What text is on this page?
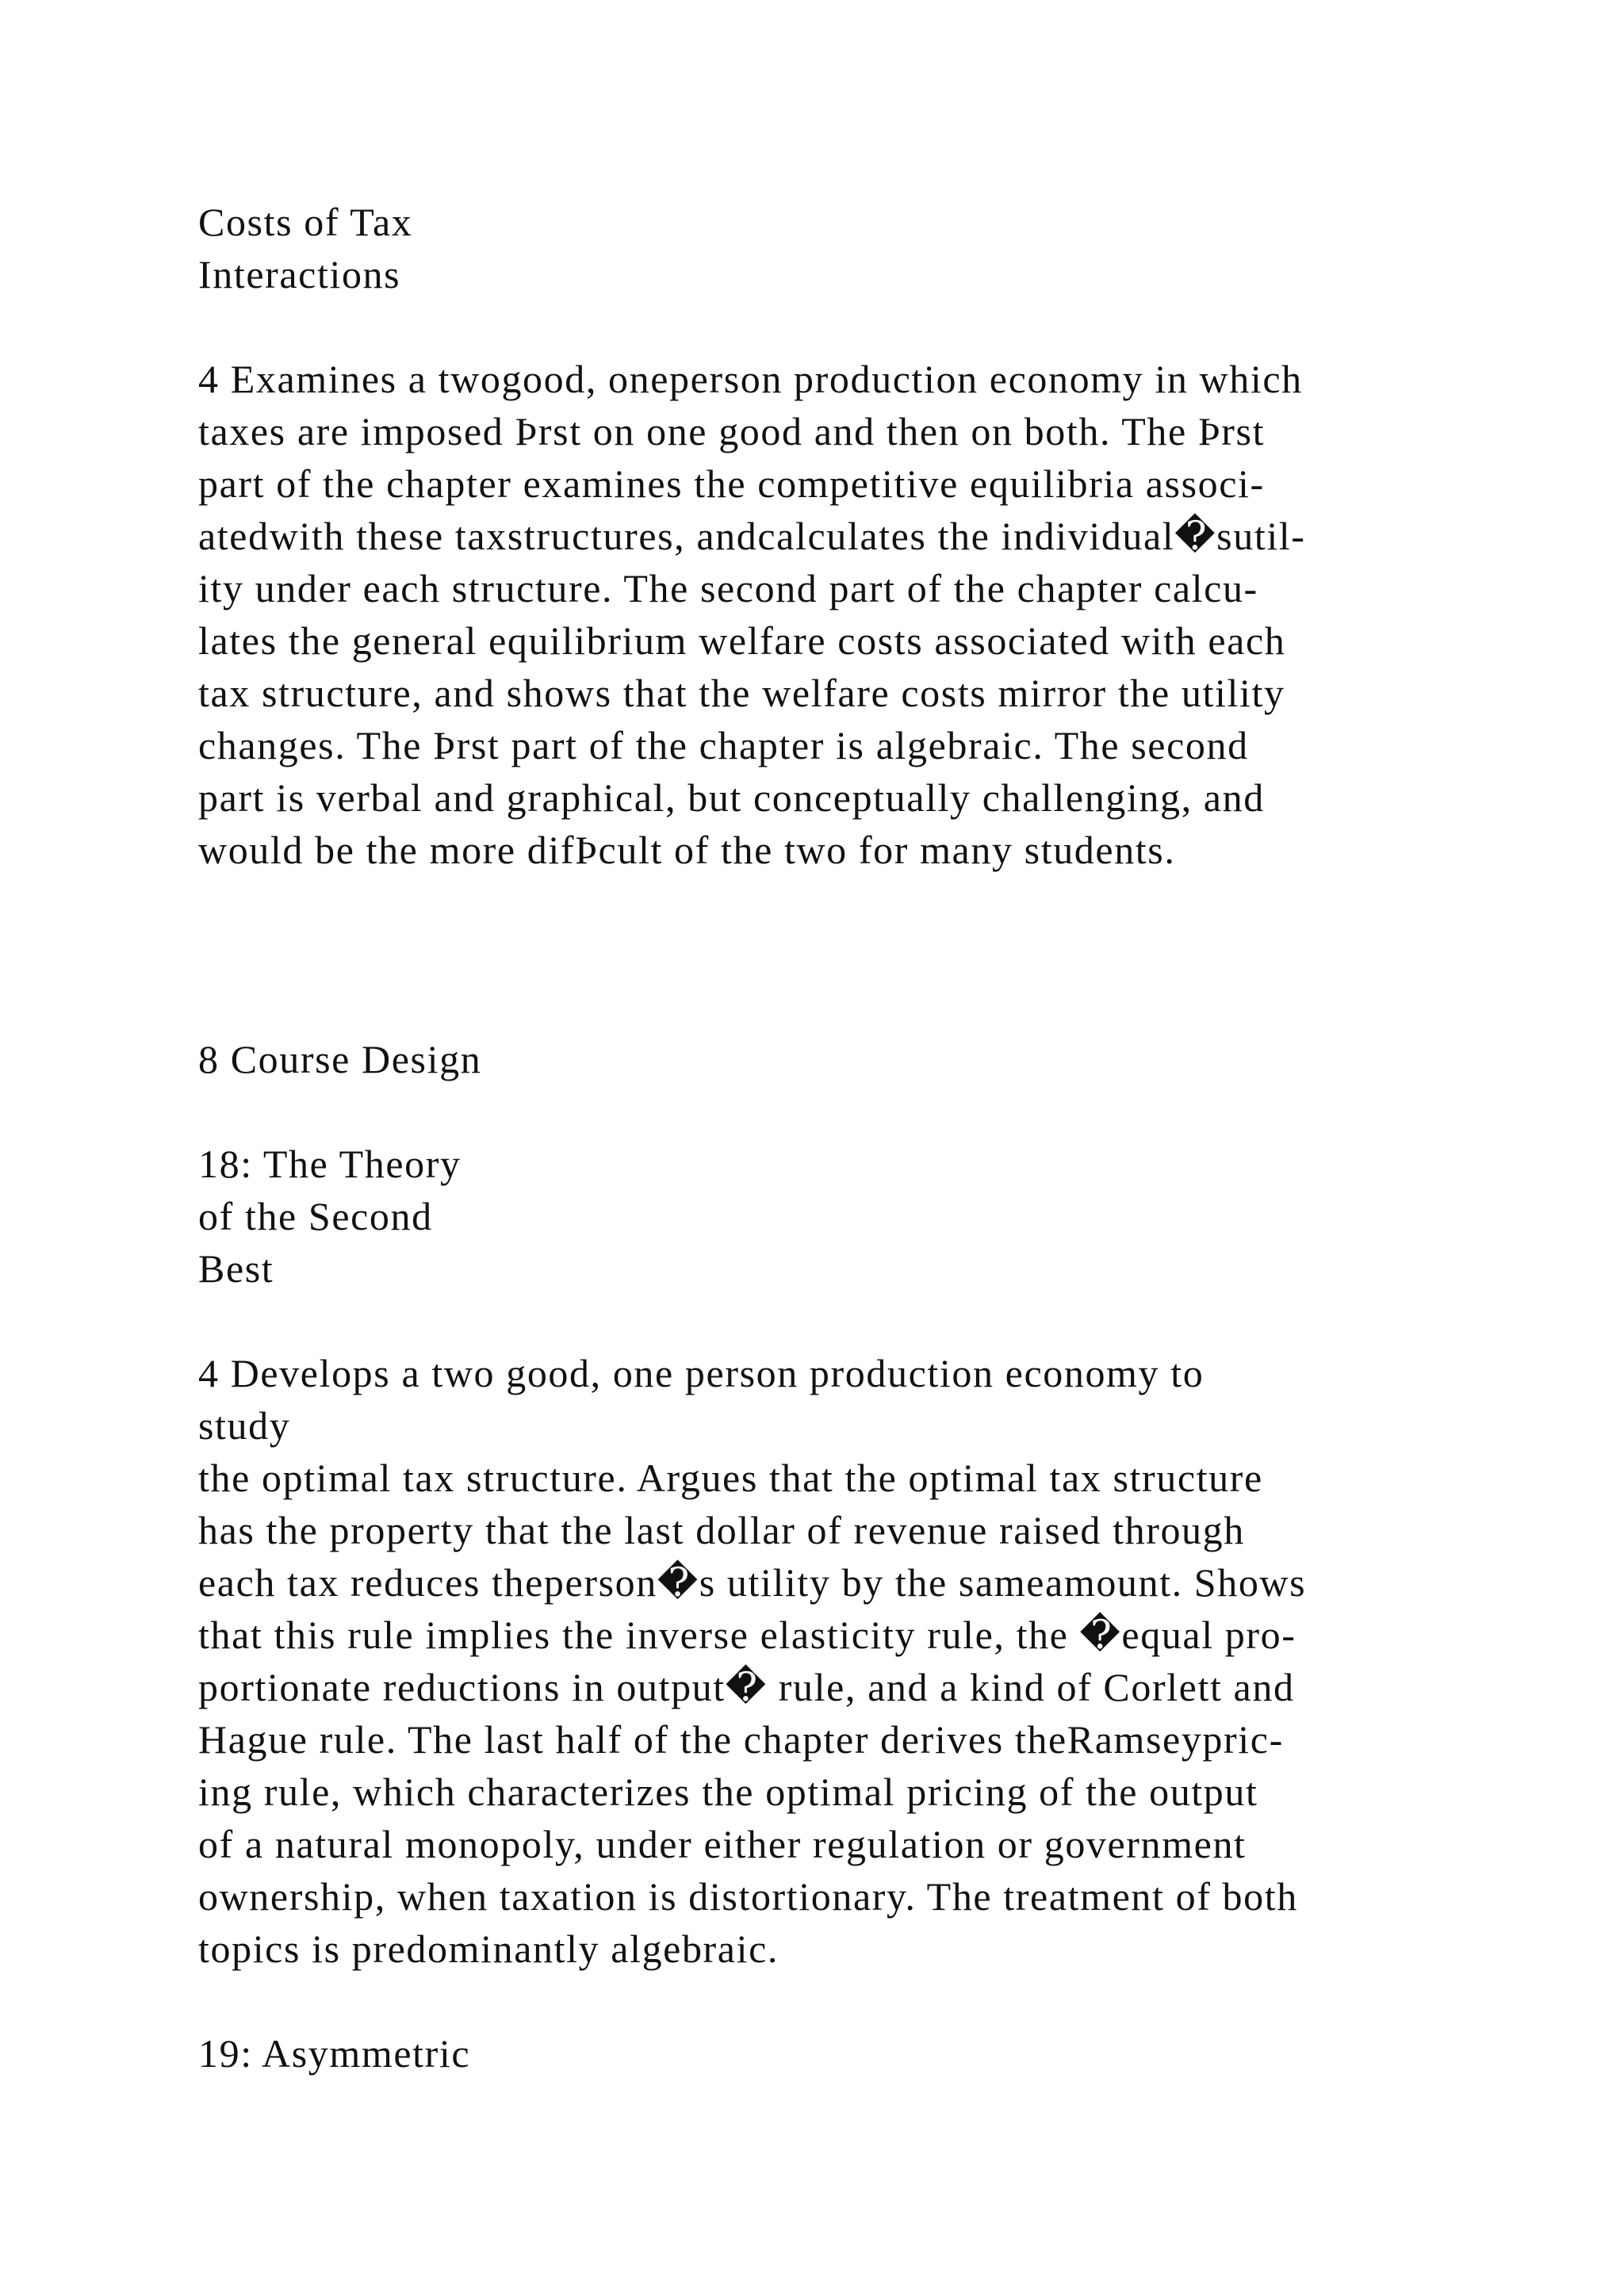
Costs of Tax
Interactions
4 Examines a twogood, oneperson production economy in which
taxes are imposed Þrst on one good and then on both. The Þrst
part of the chapter examines the competitive equilibria associ-
atedwith these taxstructures, andcalculates the individual�sutil-
ity under each structure. The second part of the chapter calcu-
lates the general equilibrium welfare costs associated with each
tax structure, and shows that the welfare costs mirror the utility
changes. The Þrst part of the chapter is algebraic. The second
part is verbal and graphical, but conceptually challenging, and
would be the more difÞcult of the two for many students.
8 Course Design
18: The Theory
of the Second
Best
4 Develops a two good, one person production economy to
study
the optimal tax structure. Argues that the optimal tax structure
has the property that the last dollar of revenue raised through
each tax reduces theperson�s utility by the sameamount. Shows
that this rule implies the inverse elasticity rule, the �equal pro-
portionate reductions in output� rule, and a kind of Corlett and
Hague rule. The last half of the chapter derives theRamseypric-
ing rule, which characterizes the optimal pricing of the output
of a natural monopoly, under either regulation or government
ownership, when taxation is distortionary. The treatment of both
topics is predominantly algebraic.
19: Asymmetric
